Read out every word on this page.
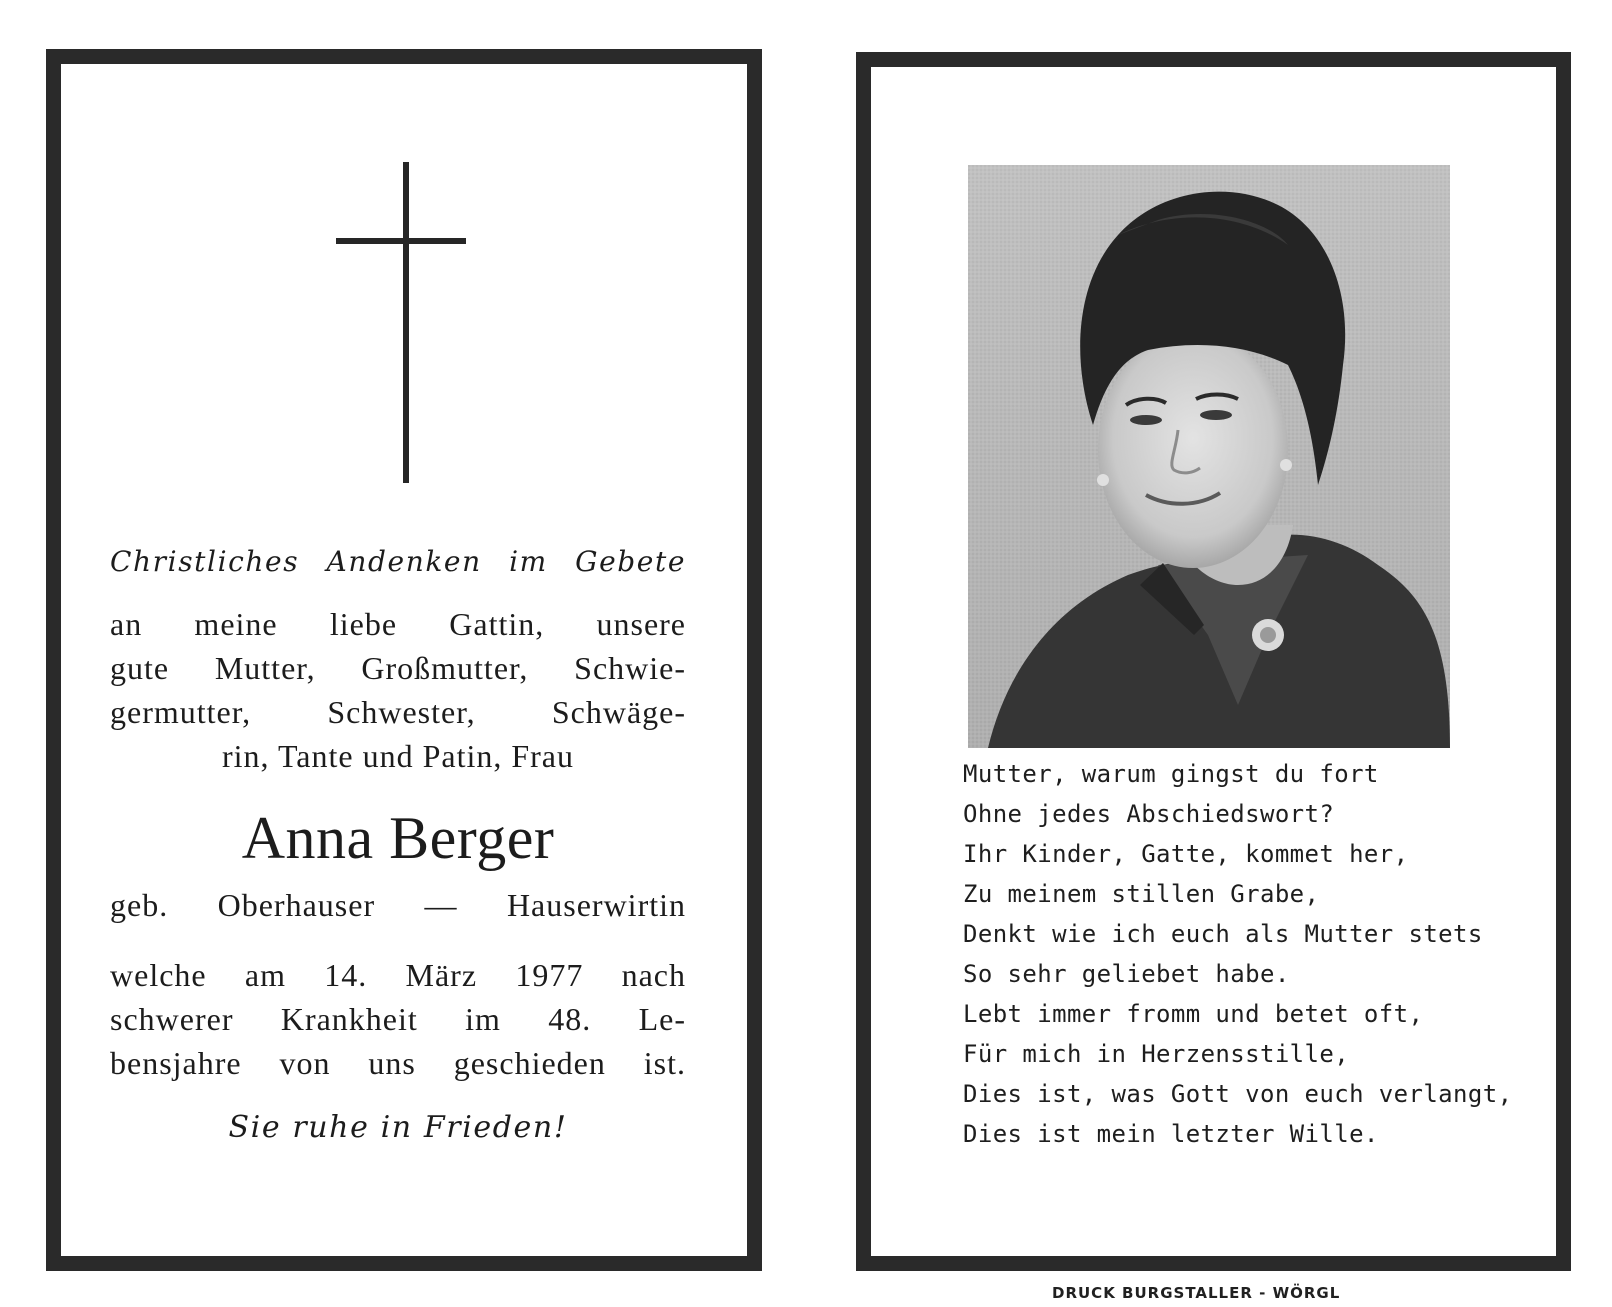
Christliches Andenken im Gebete
an meine liebe Gattin, unsere
gute Mutter, Großmutter, Schwie-
germutter, Schwester, Schwäge-
rin, Tante und Patin, Frau
Anna Berger
geb. Oberhauser — Hauserwirtin
welche am 14. März 1977 nach
schwerer Krankheit im 48. Le-
bensjahre von uns geschieden ist.
Sie ruhe in Frieden!
Mutter, warum gingst du fort
Ohne jedes Abschiedswort?
Ihr Kinder, Gatte, kommet her,
Zu meinem stillen Grabe,
Denkt wie ich euch als Mutter stets
So sehr geliebet habe.
Lebt immer fromm und betet oft,
Für mich in Herzensstille,
Dies ist, was Gott von euch verlangt,
Dies ist mein letzter Wille.
DRUCK BURGSTALLER - WÖRGL
